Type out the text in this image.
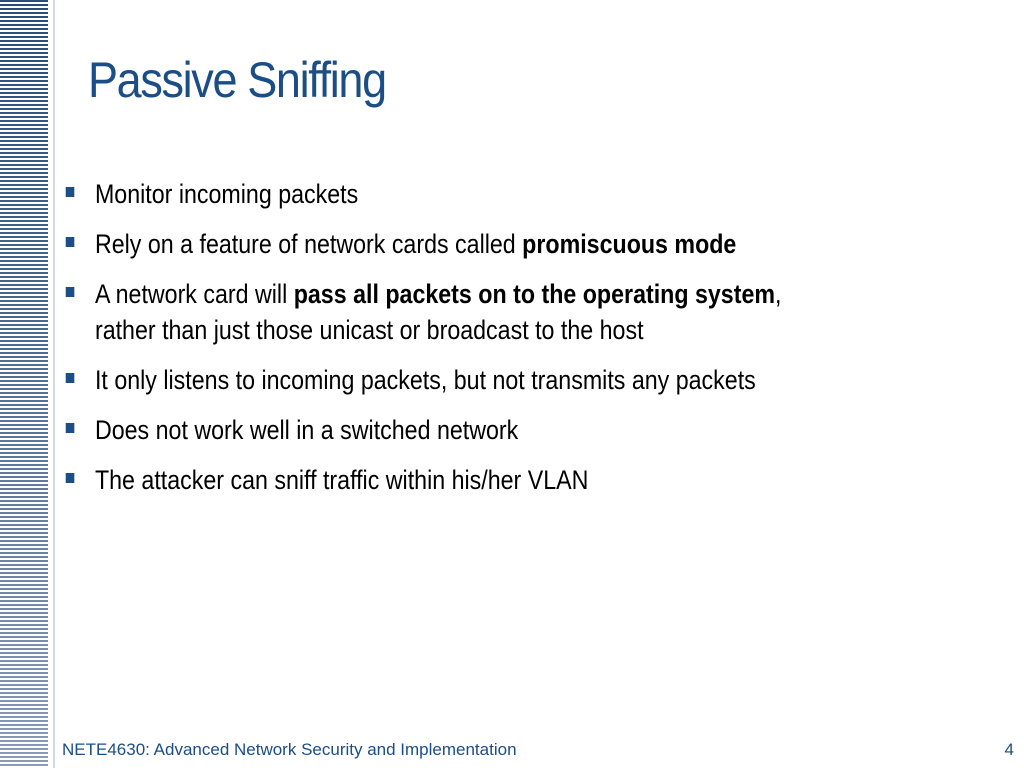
Passive Sniffing
Monitor incoming packets
Rely on a feature of network cards called promiscuous mode
A network card will pass all packets on to the operating system,
rather than just those unicast or broadcast to the host
It only listens to incoming packets, but not transmits any packets
Does not work well in a switched network
The attacker can sniff traffic within his/her VLAN
NETE4630: Advanced Network Security and Implementation	4
